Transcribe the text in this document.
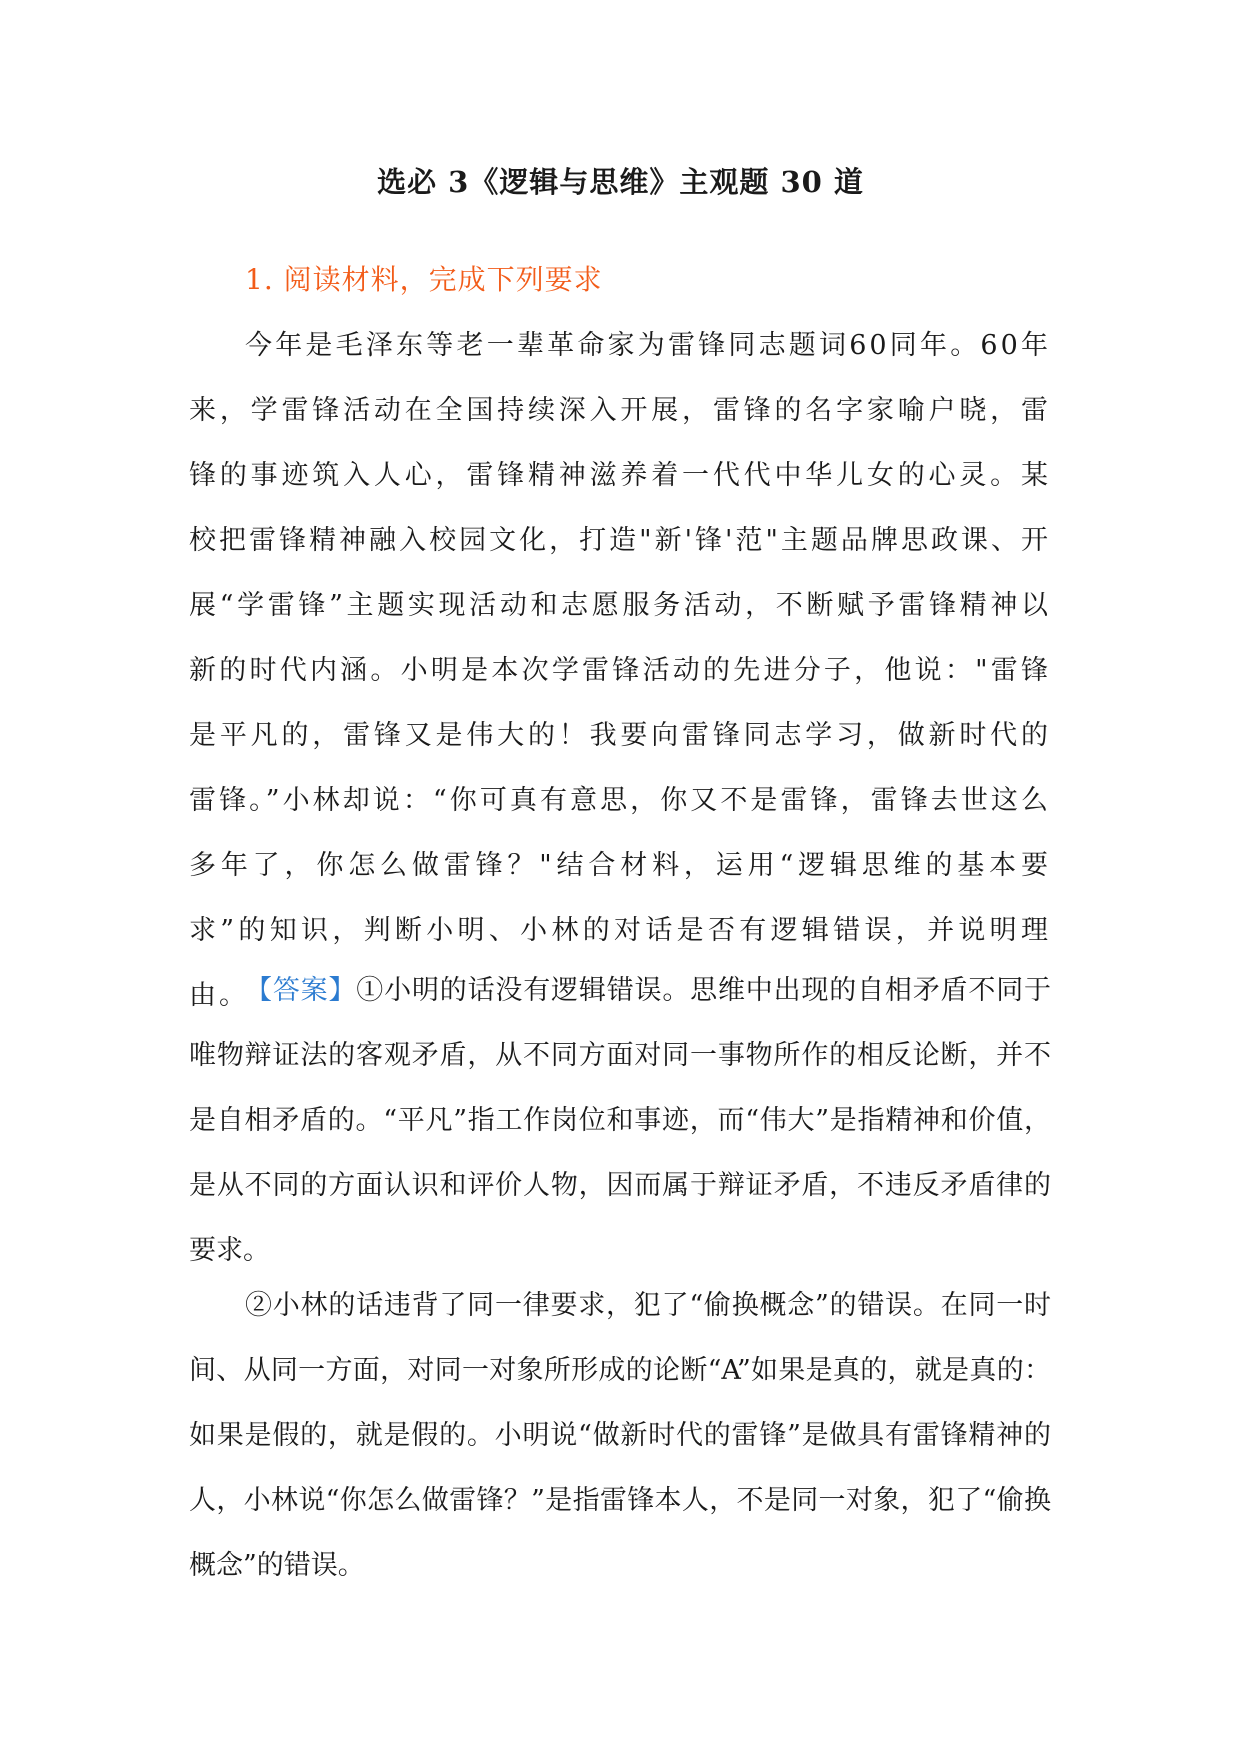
选必 3《逻辑与思维》主观题 30 道
1. 阅读材料，完成下列要求
今年是毛泽东等老一辈革命家为雷锋同志题词60同年。60年来，学雷锋活动在全国持续深入开展，雷锋的名字家喻户晓，雷锋的事迹筑入人心，雷锋精神滋养着一代代中华儿女的心灵。某校把雷锋精神融入校园文化，打造"新'锋'范"主题品牌思政课、开展“学雷锋”主题实现活动和志愿服务活动，不断赋予雷锋精神以新的时代内涵。小明是本次学雷锋活动的先进分子，他说："雷锋是平凡的，雷锋又是伟大的！我要向雷锋同志学习，做新时代的雷锋。”小林却说：“你可真有意思，你又不是雷锋，雷锋去世这么多年了，你怎么做雷锋？"结合材料，运用“逻辑思维的基本要求”的知识，判断小明、小林的对话是否有逻辑错误，并说明理由。
【答案】①小明的话没有逻辑错误。思维中出现的自相矛盾不同于唯物辩证法的客观矛盾，从不同方面对同一事物所作的相反论断，并不是自相矛盾的。“平凡”指工作岗位和事迹，而“伟大”是指精神和价值，是从不同的方面认识和评价人物，因而属于辩证矛盾，不违反矛盾律的要求。
②小林的话违背了同一律要求，犯了“偷换概念”的错误。在同一时间、从同一方面，对同一对象所形成的论断“A”如果是真的，就是真的：如果是假的，就是假的。小明说“做新时代的雷锋”是做具有雷锋精神的人，小林说“你怎么做雷锋？”是指雷锋本人，不是同一对象，犯了“偷换概念”的错误。
